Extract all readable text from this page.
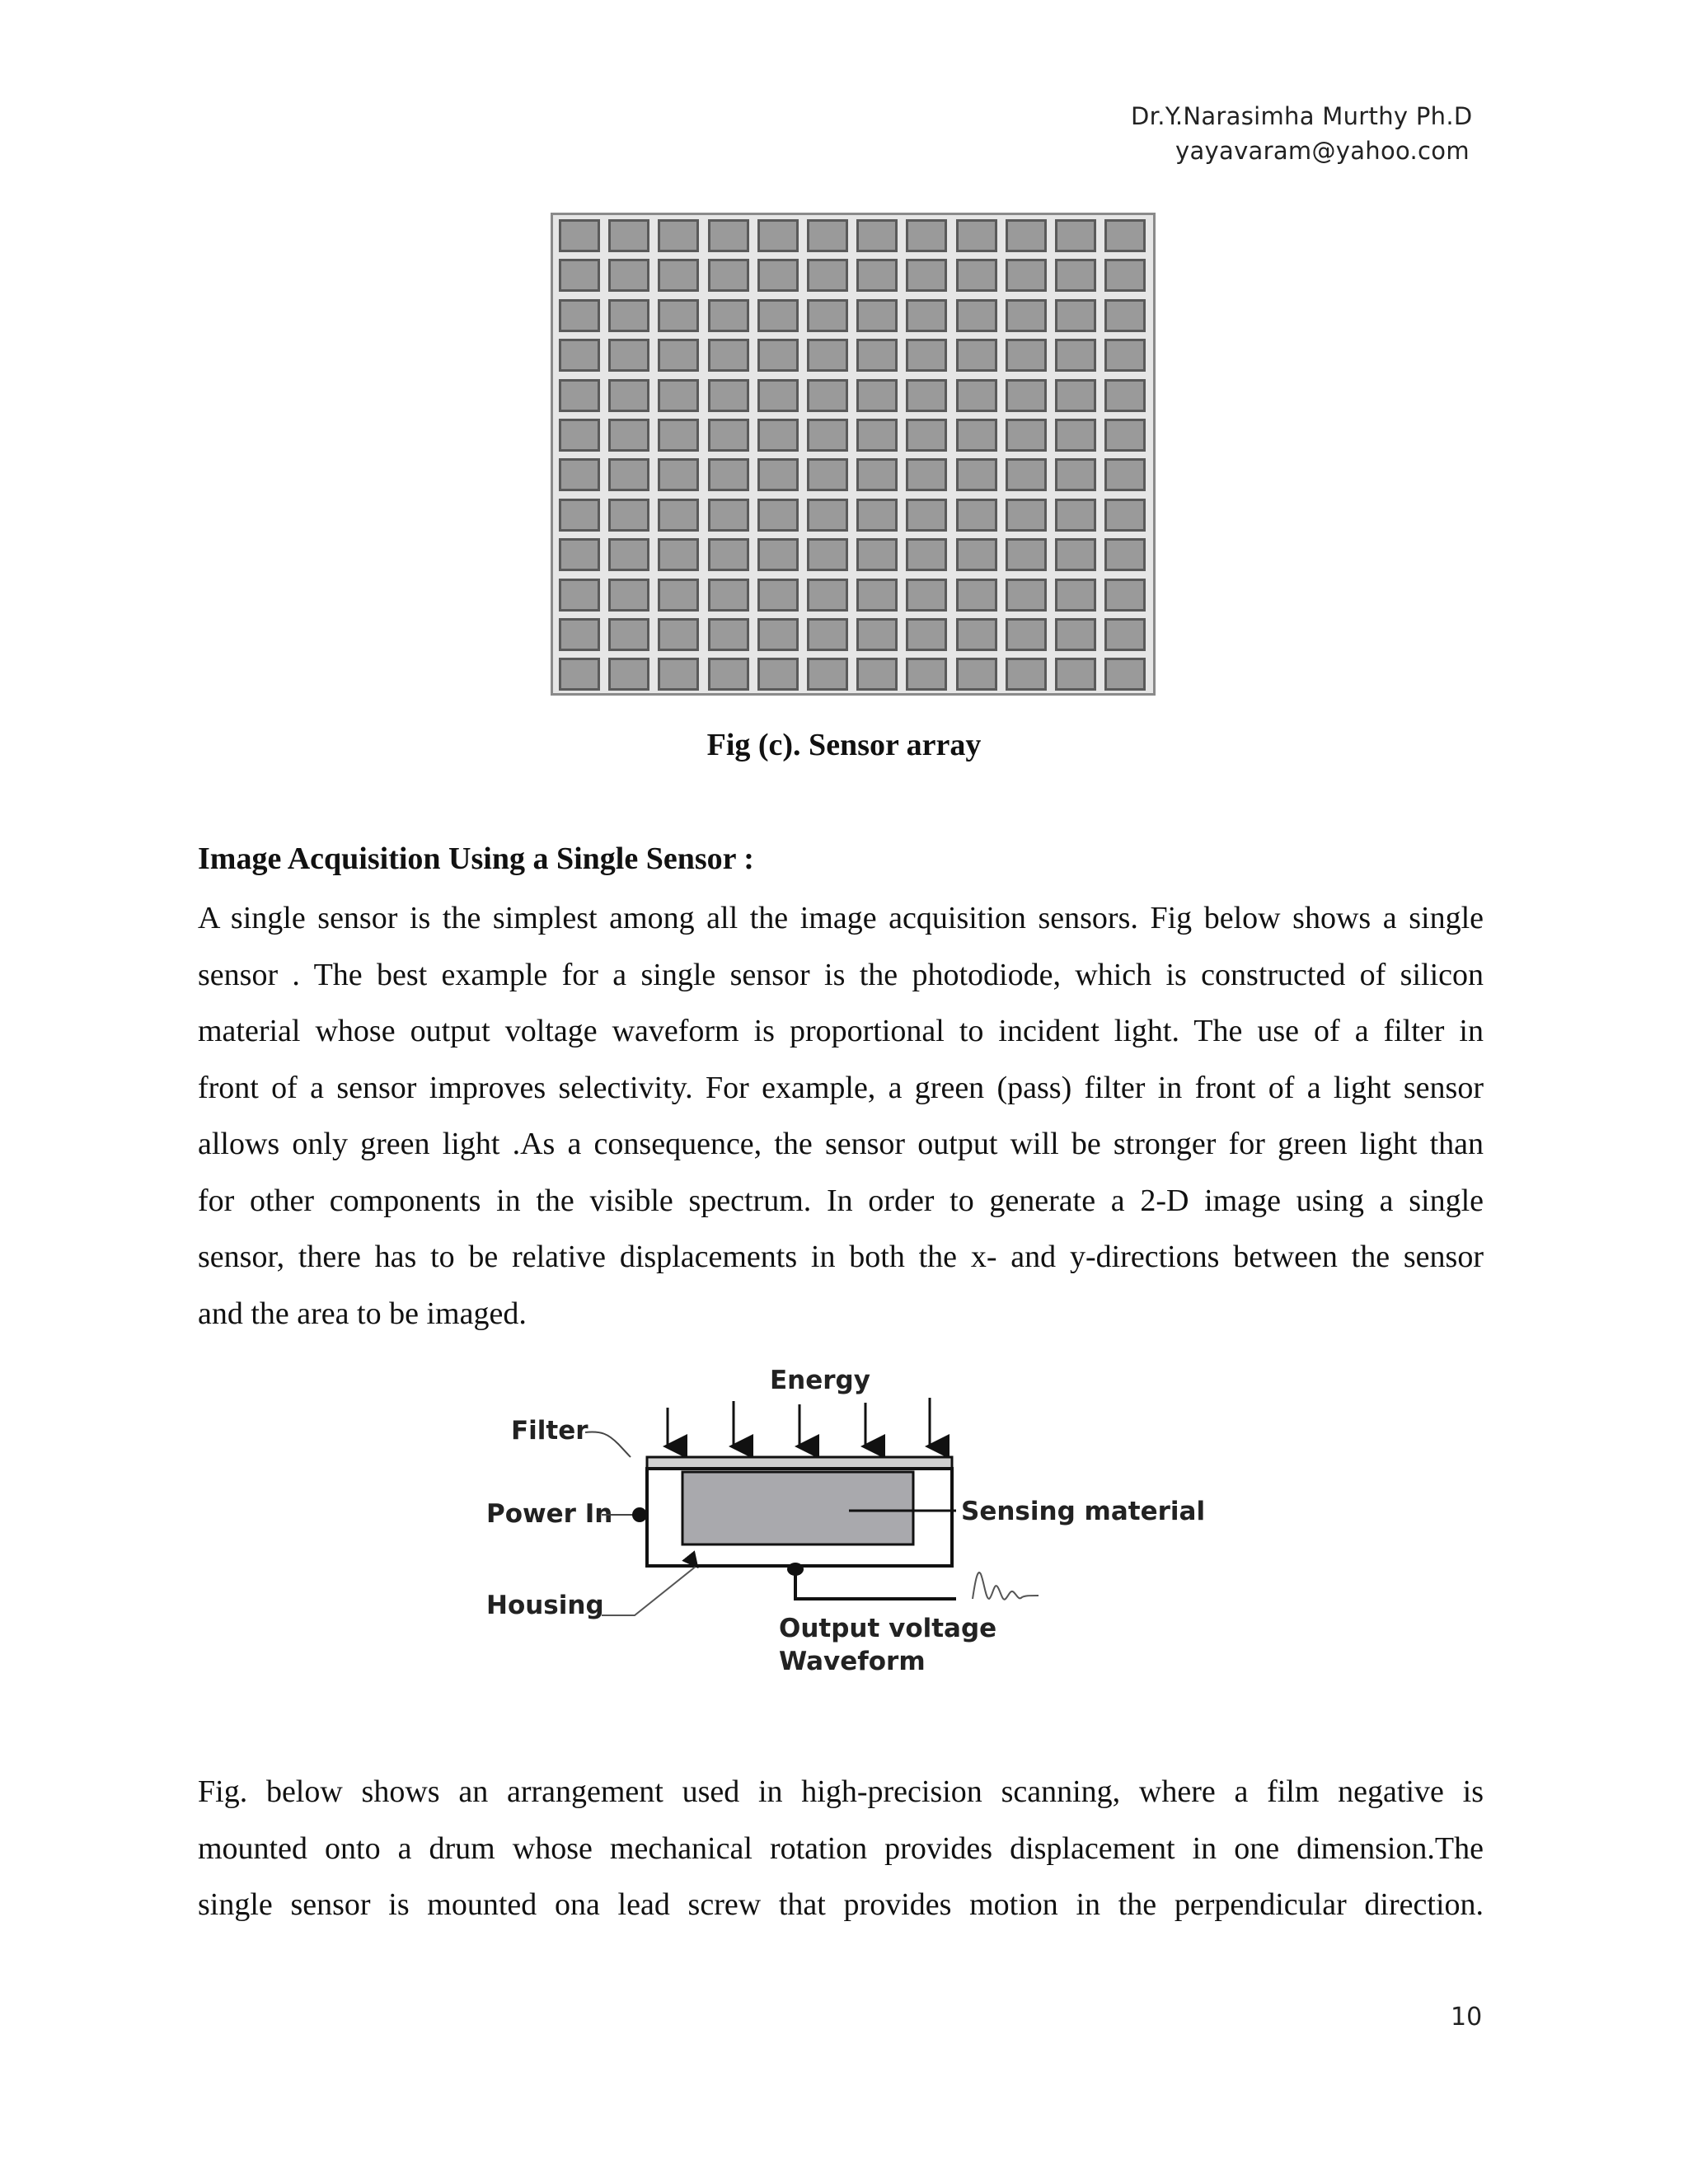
Dr.Y.Narasimha Murthy Ph.D
yayavaram@yahoo.com
Fig (c). Sensor array
Image Acquisition Using a Single Sensor :
A single sensor is the simplest among all the image acquisition sensors. Fig below shows a single
sensor . The best example for a single sensor is the photodiode, which is constructed of silicon
material whose output voltage waveform is proportional to incident light. The use of a filter in
front of a sensor improves selectivity. For example, a green (pass) filter in front of a light sensor
allows only green light .As a consequence, the sensor output will be stronger for green light than
for other components in the visible spectrum. In order to generate a 2-D image using a single
sensor, there has to be relative displacements in both the x- and y-directions between the sensor
and the area to be imaged.
Energy
Filter
Power In	Sensing material
Housing
Output voltage
Waveform
Fig. below shows an arrangement used in high-precision scanning, where a film negative is
mounted onto a drum whose mechanical rotation provides displacement in one dimension.The
single sensor is mounted ona lead screw that provides motion in the perpendicular direction.
10
